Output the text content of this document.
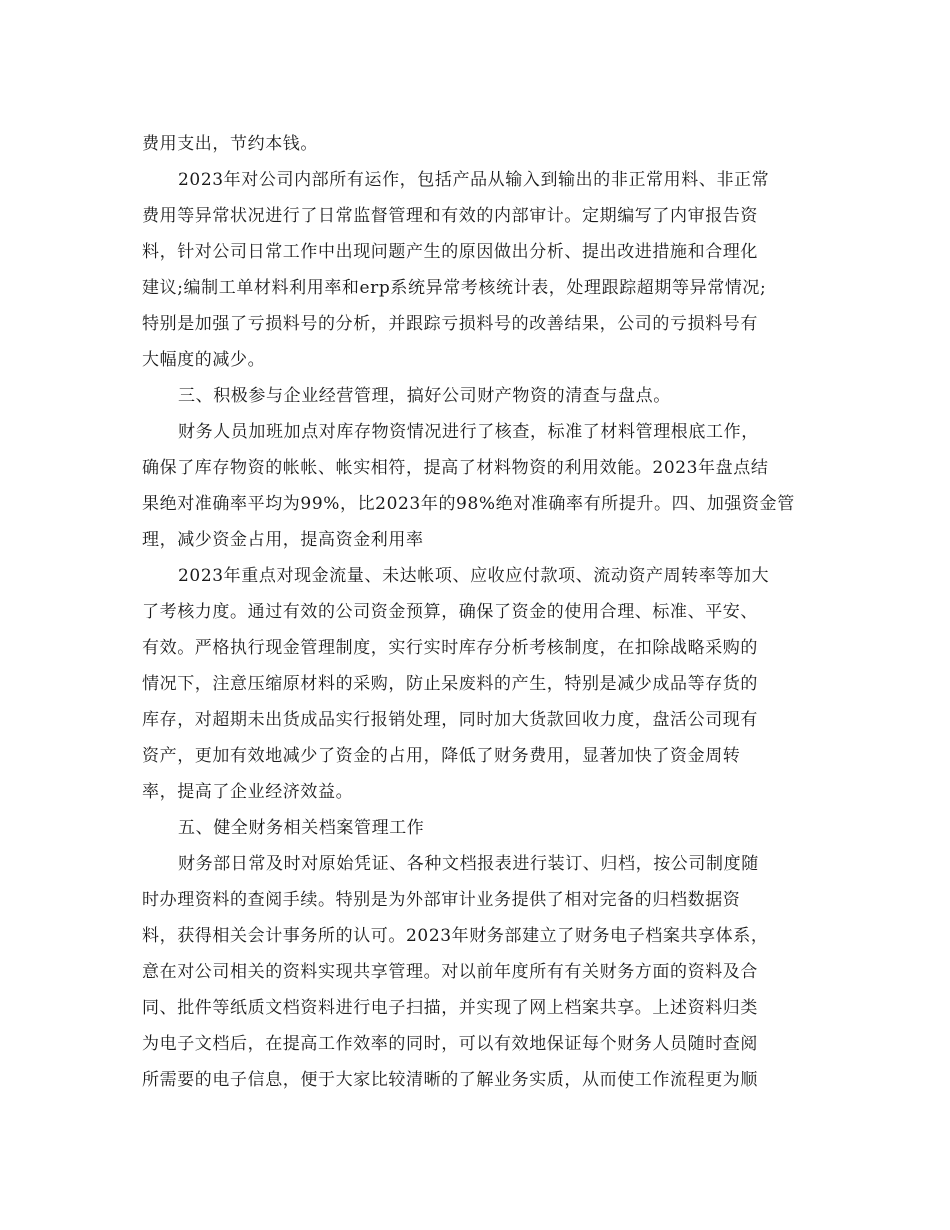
费用支出，节约本钱。
2023年对公司内部所有运作，包括产品从输入到输出的非正常用料、非正常
费用等异常状况进行了日常监督管理和有效的内部审计。定期编写了内审报告资
料，针对公司日常工作中出现问题产生的原因做出分析、提出改进措施和合理化
建议;编制工单材料利用率和erp系统异常考核统计表，处理跟踪超期等异常情况;
特别是加强了亏损料号的分析，并跟踪亏损料号的改善结果，公司的亏损料号有
大幅度的减少。
三、积极参与企业经营管理，搞好公司财产物资的清查与盘点。
财务人员加班加点对库存物资情况进行了核查，标准了材料管理根底工作，
确保了库存物资的帐帐、帐实相符，提高了材料物资的利用效能。2023年盘点结
果绝对准确率平均为99%，比2023年的98%绝对准确率有所提升。四、加强资金管
理，减少资金占用，提高资金利用率
2023年重点对现金流量、未达帐项、应收应付款项、流动资产周转率等加大
了考核力度。通过有效的公司资金预算，确保了资金的使用合理、标准、平安、
有效。严格执行现金管理制度，实行实时库存分析考核制度，在扣除战略采购的
情况下，注意压缩原材料的采购，防止呆废料的产生，特别是减少成品等存货的
库存，对超期未出货成品实行报销处理，同时加大货款回收力度，盘活公司现有
资产，更加有效地减少了资金的占用，降低了财务费用，显著加快了资金周转
率，提高了企业经济效益。
五、健全财务相关档案管理工作
财务部日常及时对原始凭证、各种文档报表进行装订、归档，按公司制度随
时办理资料的查阅手续。特别是为外部审计业务提供了相对完备的归档数据资
料，获得相关会计事务所的认可。2023年财务部建立了财务电子档案共享体系，
意在对公司相关的资料实现共享管理。对以前年度所有有关财务方面的资料及合
同、批件等纸质文档资料进行电子扫描，并实现了网上档案共享。上述资料归类
为电子文档后，在提高工作效率的同时，可以有效地保证每个财务人员随时查阅
所需要的电子信息，便于大家比较清晰的了解业务实质，从而使工作流程更为顺
